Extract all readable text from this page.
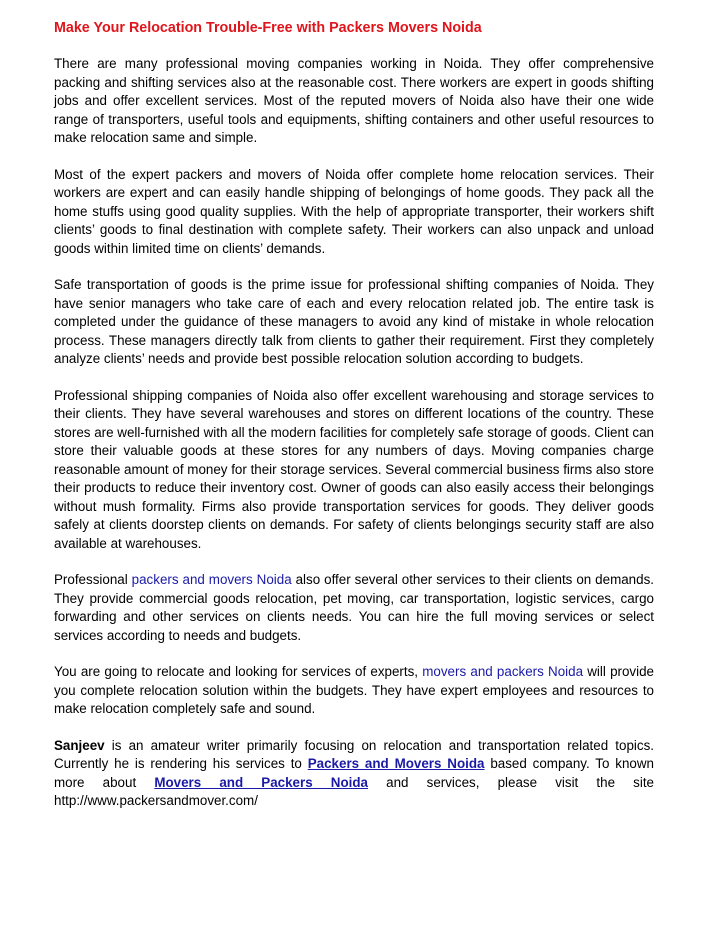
Make Your Relocation Trouble-Free with Packers Movers Noida

There are many professional moving companies working in Noida. They offer comprehensive packing and shifting services also at the reasonable cost. There workers are expert in goods shifting jobs and offer excellent services. Most of the reputed movers of Noida also have their one wide range of transporters, useful tools and equipments, shifting containers and other useful resources to make relocation same and simple.

Most of the expert packers and movers of Noida offer complete home relocation services. Their workers are expert and can easily handle shipping of belongings of home goods. They pack all the home stuffs using good quality supplies. With the help of appropriate transporter, their workers shift clients’ goods to final destination with complete safety. Their workers can also unpack and unload goods within limited time on clients’ demands.

Safe transportation of goods is the prime issue for professional shifting companies of Noida. They have senior managers who take care of each and every relocation related job. The entire task is completed under the guidance of these managers to avoid any kind of mistake in whole relocation process. These managers directly talk from clients to gather their requirement. First they completely analyze clients’ needs and provide best possible relocation solution according to budgets.

Professional shipping companies of Noida also offer excellent warehousing and storage services to their clients. They have several warehouses and stores on different locations of the country. These stores are well-furnished with all the modern facilities for completely safe storage of goods. Client can store their valuable goods at these stores for any numbers of days. Moving companies charge reasonable amount of money for their storage services. Several commercial business firms also store their products to reduce their inventory cost. Owner of goods can also easily access their belongings without mush formality. Firms also provide transportation services for goods. They deliver goods safely at clients doorstep clients on demands. For safety of clients belongings security staff are also available at warehouses.

Professional packers and movers Noida also offer several other services to their clients on demands. They provide commercial goods relocation, pet moving, car transportation, logistic services, cargo forwarding and other services on clients needs. You can hire the full moving services or select services according to needs and budgets.

You are going to relocate and looking for services of experts, movers and packers Noida will provide you complete relocation solution within the budgets. They have expert employees and resources to make relocation completely safe and sound.

Sanjeev is an amateur writer primarily focusing on relocation and transportation related topics. Currently he is rendering his services to Packers and Movers Noida based company. To known more about Movers and Packers Noida and services, please visit the site http://www.packersandmover.com/
